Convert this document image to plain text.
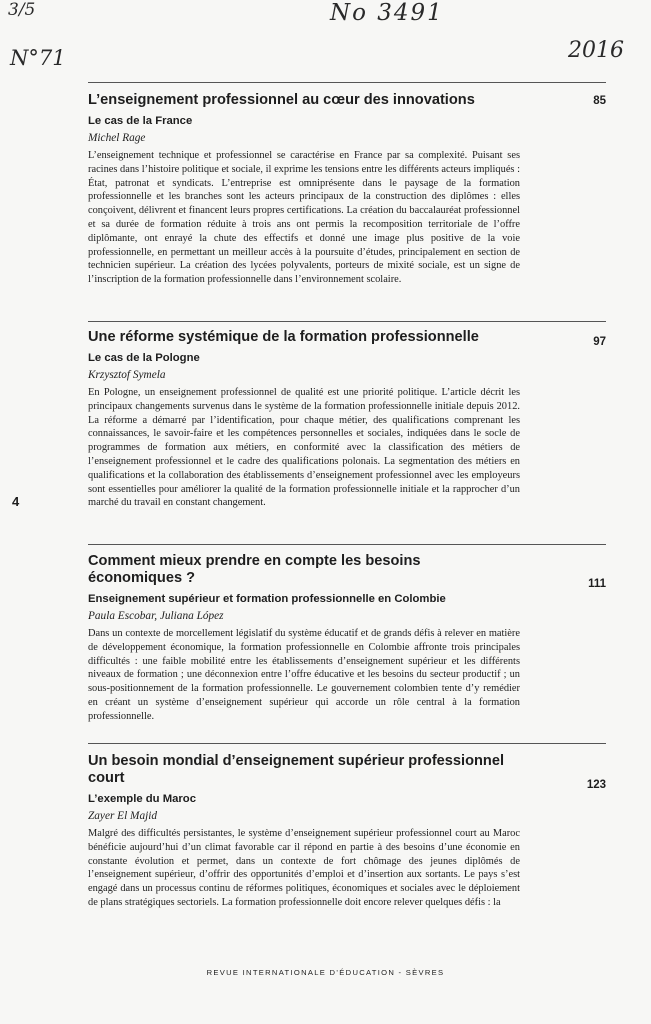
3/5
N°71
No 3491
2016
4
L’enseignement professionnel au cœur des innovations
Le cas de la France
Michel Rage

L’enseignement technique et professionnel se caractérise en France par sa complexité. Puisant ses racines dans l’histoire politique et sociale, il exprime les tensions entre les différents acteurs impliqués : État, patronat et syndicats. L’entreprise est omniprésente dans le paysage de la formation professionnelle et les branches sont les acteurs principaux de la construction des diplômes : elles conçoivent, délivrent et financent leurs propres certifications. La création du baccalauréat professionnel et sa durée de formation réduite à trois ans ont permis la recomposition territoriale de l’offre diplômante, ont enrayé la chute des effectifs et donné une image plus positive de la voie professionnelle, en permettant un meilleur accès à la poursuite d’études, principalement en section de technicien supérieur. La création des lycées polyvalents, porteurs de mixité sociale, est un signe de l’inscription de la formation professionnelle dans l’environnement scolaire.

85
Une réforme systémique de la formation professionnelle
Le cas de la Pologne
Krzysztof Symela

En Pologne, un enseignement professionnel de qualité est une priorité politique. L’article décrit les principaux changements survenus dans le système de la formation professionnelle initiale depuis 2012. La réforme a démarré par l’identification, pour chaque métier, des qualifications comprenant les connaissances, le savoir-faire et les compétences personnelles et sociales, indiquées dans le socle de programmes de formation aux métiers, en conformité avec la classification des métiers de l’enseignement professionnel et le cadre des qualifications polonais. La segmentation des métiers en qualifications et la collaboration des établissements d’enseignement professionnel avec les employeurs sont essentielles pour améliorer la qualité de la formation professionnelle initiale et la rapprocher d’un marché du travail en constant changement.

97
Comment mieux prendre en compte les besoins économiques ?
Enseignement supérieur et formation professionnelle en Colombie
Paula Escobar, Juliana López

Dans un contexte de morcellement législatif du système éducatif et de grands défis à relever en matière de développement économique, la formation professionnelle en Colombie affronte trois principales difficultés : une faible mobilité entre les établissements d’enseignement supérieur et les différents niveaux de formation ; une déconnexion entre l’offre éducative et les besoins du secteur productif ; un sous-positionnement de la formation professionnelle. Le gouvernement colombien tente d’y remédier en créant un système d’enseignement supérieur qui accorde un rôle central à la formation professionnelle.

111
Un besoin mondial d’enseignement supérieur professionnel court
L’exemple du Maroc
Zayer El Majid

Malgré des difficultés persistantes, le système d’enseignement supérieur professionnel court au Maroc bénéficie aujourd’hui d’un climat favorable car il répond en partie à des besoins d’une économie en constante évolution et permet, dans un contexte de fort chômage des jeunes diplômés de l’enseignement supérieur, d’offrir des opportunités d’emploi et d’insertion aux sortants. Le pays s’est engagé dans un processus continu de réformes politiques, économiques et sociales avec le déploiement de plans stratégiques sectoriels. La formation professionnelle doit encore relever quelques défis : la

123
REVUE INTERNATIONALE D’ÉDUCATION - SÈVRES
